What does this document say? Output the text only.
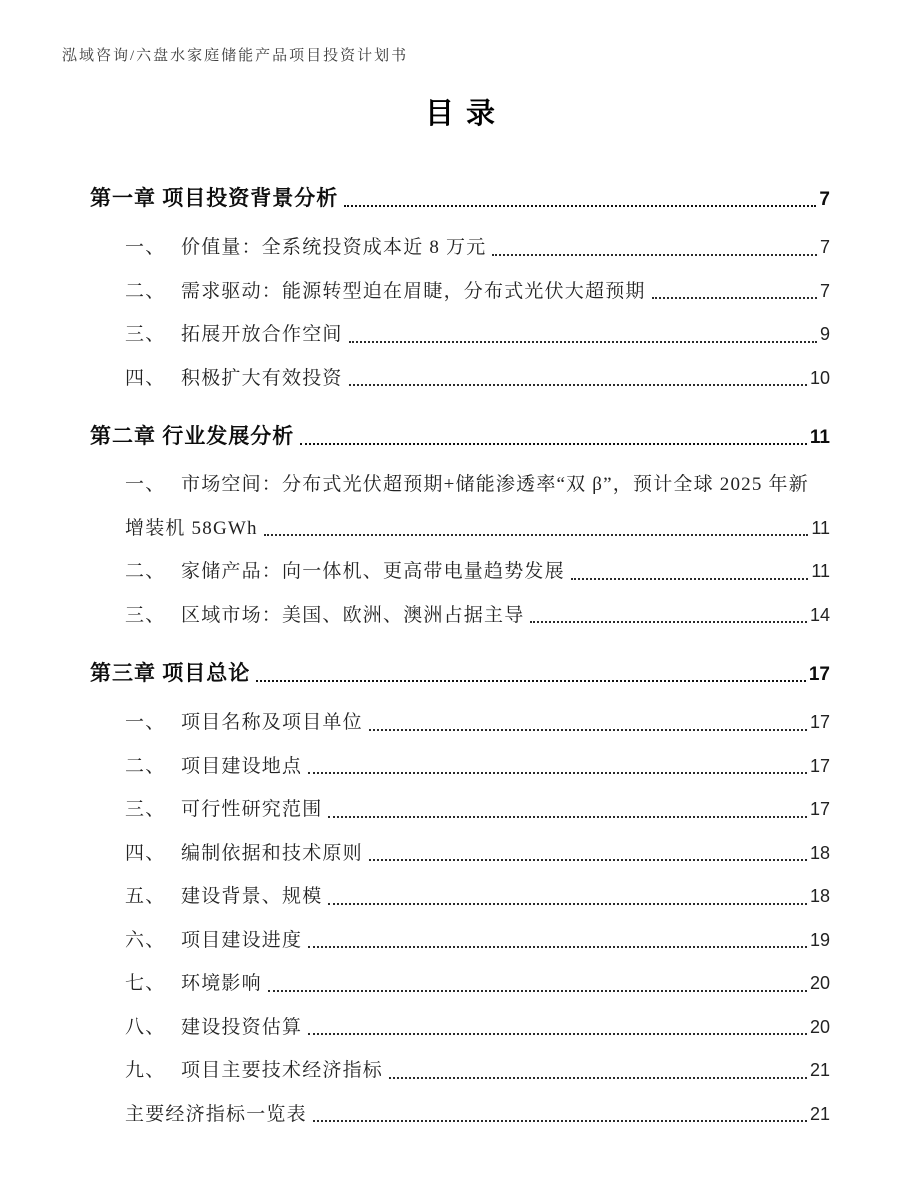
泓域咨询/六盘水家庭储能产品项目投资计划书
目录
第一章 项目投资背景分析	7
一、 价值量：全系统投资成本近 8 万元	7
二、 需求驱动：能源转型迫在眉睫，分布式光伏大超预期	7
三、 拓展开放合作空间	9
四、 积极扩大有效投资	10
第二章 行业发展分析	11
一、 市场空间：分布式光伏超预期+储能渗透率“双 β”，预计全球 2025 年新
增装机 58GWh	11
二、 家储产品：向一体机、更高带电量趋势发展	11
三、 区域市场：美国、欧洲、澳洲占据主导	14
第三章 项目总论	17
一、 项目名称及项目单位	17
二、 项目建设地点	17
三、 可行性研究范围	17
四、 编制依据和技术原则	18
五、 建设背景、规模	18
六、 项目建设进度	19
七、 环境影响	20
八、 建设投资估算	20
九、 项目主要技术经济指标	21
主要经济指标一览表	21
